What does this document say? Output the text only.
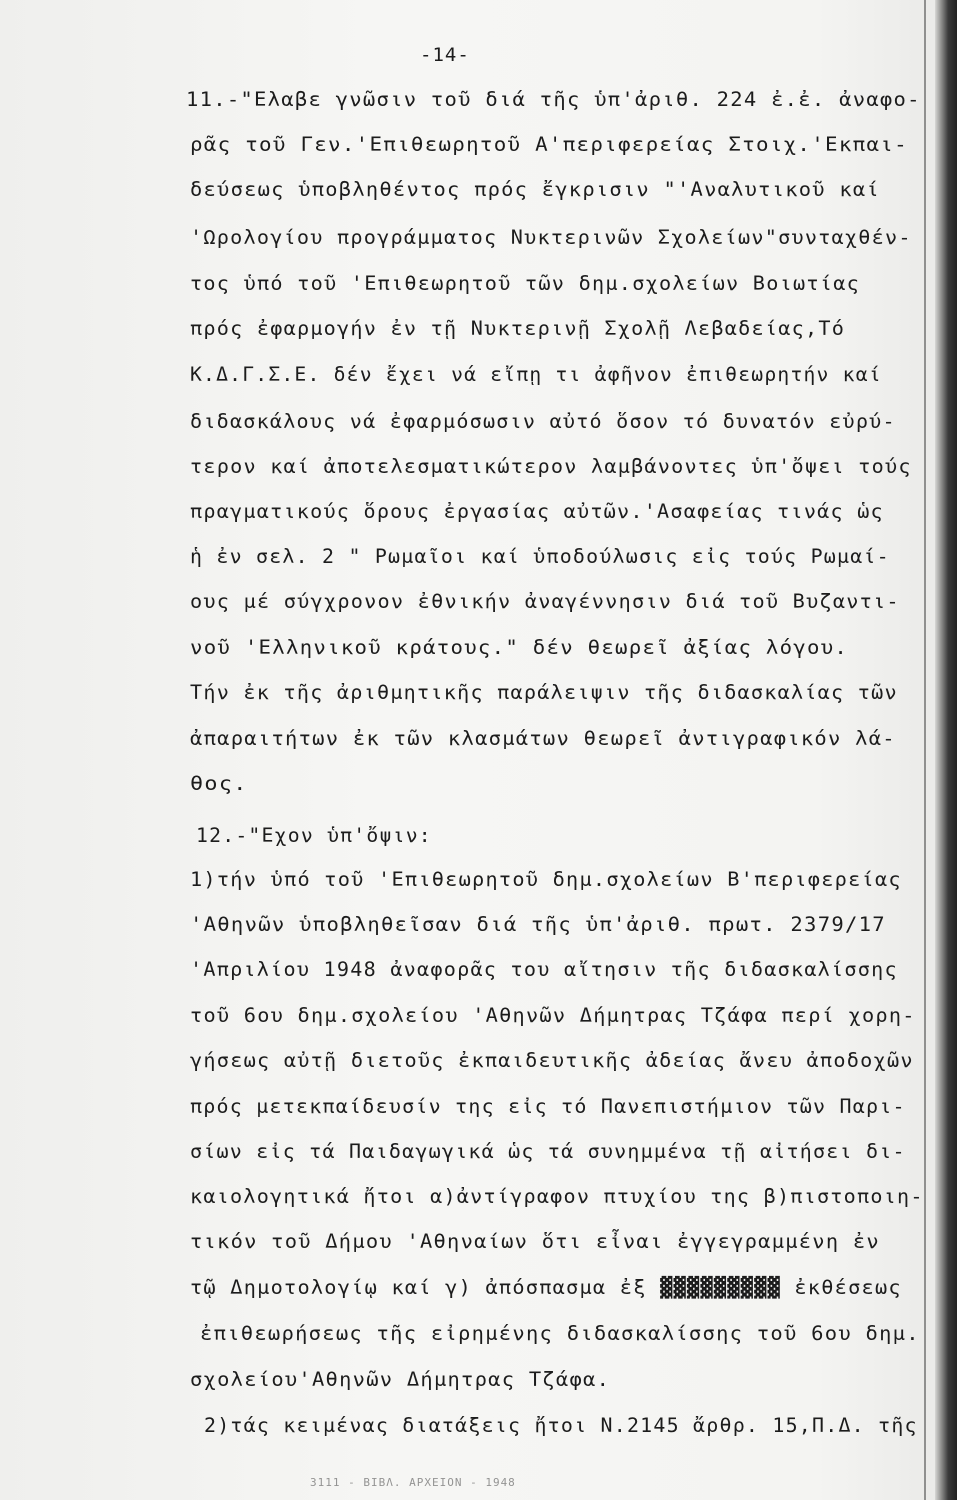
-14-
11.-"Ελαβε γνῶσιν τοῦ διά τῆς ὑπ'ἀριθ. 224 ἐ.ἐ. ἀναφο-
ρᾶς τοῦ Γεν.'Επιθεωρητοῦ Α'περιφερείας Στοιχ.'Εκπαι-
δεύσεως ὑποβληθέντος πρός ἔγκρισιν "'Αναλυτικοῦ καί
'Ωρολογίου προγράμματος Νυκτερινῶν Σχολείων"συνταχθέν-
τος ὑπό τοῦ 'Επιθεωρητοῦ τῶν δημ.σχολείων Βοιωτίας
πρός ἐφαρμογήν ἐν τῇ Νυκτερινῇ Σχολῇ Λεβαδείας,Τό
Κ.Δ.Γ.Σ.Ε. δέν ἔχει νά εἴπῃ τι ἀφῆνον ἐπιθεωρητήν καί
διδασκάλους νά ἐφαρμόσωσιν αὐτό ὅσον τό δυνατόν εὐρύ-
τερον καί ἀποτελεσματικώτερον λαμβάνοντες ὑπ'ὄψει τούς
πραγματικούς ὅρους ἐργασίας αὐτῶν.'Ασαφείας τινάς ὡς
ἡ ἐν σελ. 2 " Ρωμαῖοι καί ὑποδούλωσις εἰς τούς Ρωμαί-
ους μέ σύγχρονον ἐθνικήν ἀναγέννησιν διά τοῦ Βυζαντι-
νοῦ 'Ελληνικοῦ κράτους." δέν θεωρεῖ ἀξίας λόγου.
Τήν ἐκ τῆς ἀριθμητικῆς παράλειψιν τῆς διδασκαλίας τῶν
ἀπαραιτήτων ἐκ τῶν κλασμάτων θεωρεῖ ἀντιγραφικόν λά-
θος.
12.-"Εχον ὑπ'ὄψιν:
1)τήν ὑπό τοῦ 'Επιθεωρητοῦ δημ.σχολείων Β'περιφερείας
'Αθηνῶν ὑποβληθεῖσαν διά τῆς ὑπ'ἀριθ. πρωτ. 2379/17
'Απριλίου 1948 ἀναφορᾶς του αἴτησιν τῆς διδασκαλίσσης
τοῦ 6ου δημ.σχολείου 'Αθηνῶν Δήμητρας Τζάφα περί χορη-
γήσεως αὐτῇ διετοῦς ἐκπαιδευτικῆς ἀδείας ἄνευ ἀποδοχῶν
πρός μετεκπαίδευσίν της εἰς τό Πανεπιστήμιον τῶν Παρι-
σίων εἰς τά Παιδαγωγικά ὡς τά συνημμένα τῇ αἰτήσει δι-
καιολογητικά ἤτοι α)ἀντίγραφον πτυχίου της β)πιστοποιη-
τικόν τοῦ Δήμου 'Αθηναίων ὅτι εἶναι ἐγγεγραμμένη ἐν
τῷ Δημοτολογίῳ καί γ) ἀπόσπασμα ἐξ ▓▓▓▓▓▓▓▓▓ ἐκθέσεως
ἐπιθεωρήσεως τῆς εἰρημένης διδασκαλίσσης τοῦ 6ου δημ.
σχολείου'Αθηνῶν Δήμητρας Τζάφα.
2)τάς κειμένας διατάξεις ἤτοι Ν.2145 ἄρθρ. 15,Π.Δ. τῆς
3111 - ΒΙΒΛ. ΑΡΧΕΙΟΝ - 1948
